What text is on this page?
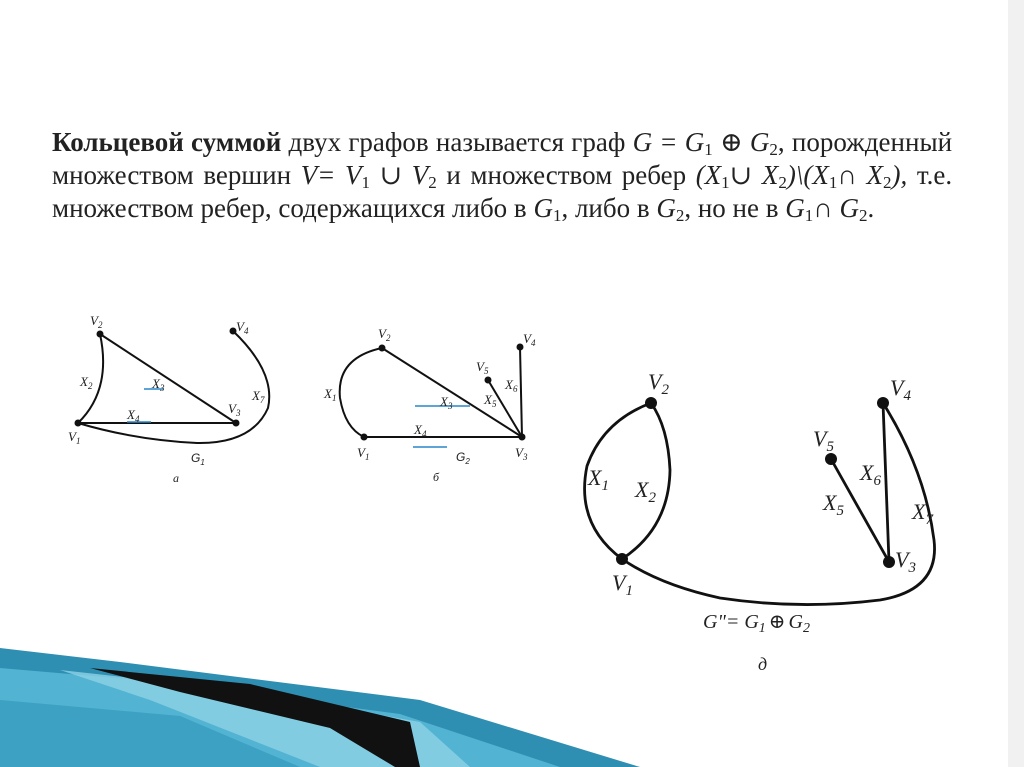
Кольцевой суммой двух графов называется граф $G = G_1$ ⊕ $G_2$, порожденный множеством вершин $V= V_1$ ∪ $V_2$ и множеством ребер ($X_1\cup$ $X_2)\backslash(X_1\cap$ $X_2$), т.е. множеством ребер, содержащихся либо в $G_1$, либо в $G_2$, но не в $G_1\cap$ $G_2$.
$V_2$	$V_4$
$X_2$	$X_3$
$X_4$
$X_7$
$V_3$
$V_1$
$G_1$
а
$V_2$	$V_4$
$V_5$
$X_6$
$X_5$
$X_1$	$X_3$
$X_4$
$V_1$	$V_3$
$G_2$
б
$V_2$	$V_4$
$V_5$
$X_1$ $X_2$
$X_6$
$X_5$	$X_7$
$V_3$
$V_1$
G"= $G_1$ ⊕ $G_2$
д
